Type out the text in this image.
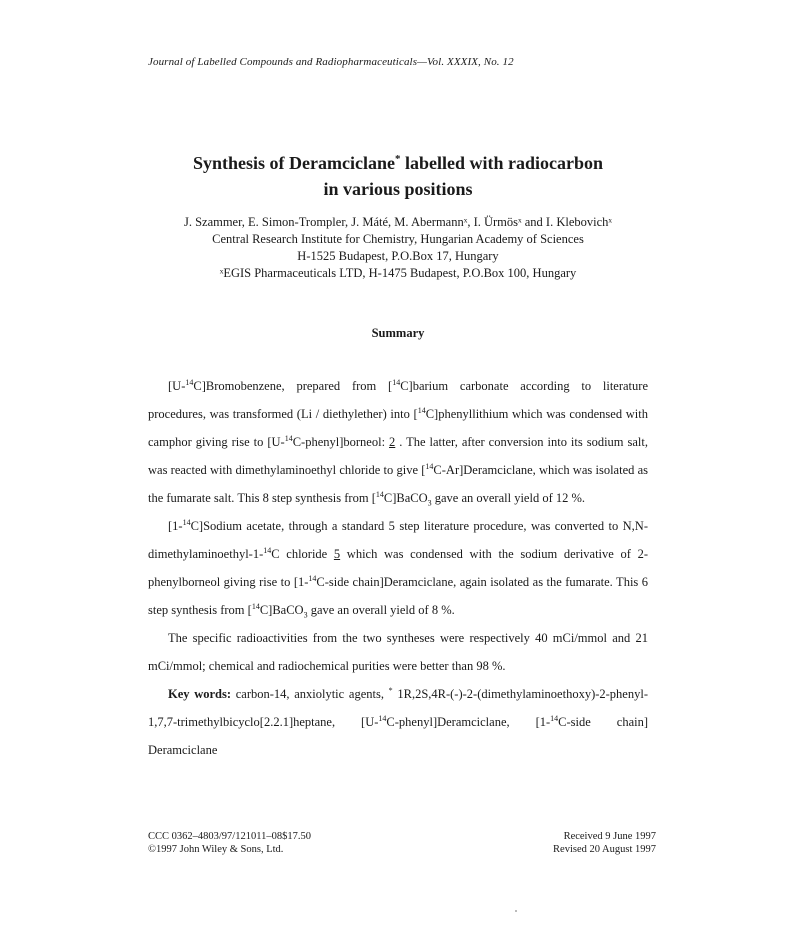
Journal of Labelled Compounds and Radiopharmaceuticals—Vol. XXXIX, No. 12
Synthesis of Deramciclane* labelled with radiocarbon
in various positions
J. Szammer, E. Simon-Trompler, J. Máté, M. Abermannˣ, I. Ürmösˣ and I. Klebovichˣ
Central Research Institute for Chemistry, Hungarian Academy of Sciences
H-1525 Budapest, P.O.Box 17, Hungary
ˣEGIS Pharmaceuticals LTD, H-1475 Budapest, P.O.Box 100, Hungary
Summary

[U-$^{14}$C]Bromobenzene, prepared from [$^{14}$C]barium carbonate according to literature procedures, was transformed (Li / diethylether) into [$^{14}$C]phenyllithium which was condensed with camphor giving rise to [U-$^{14}$C-phenyl]borneol: 2 . The latter, after conversion into its sodium salt, was reacted with dimethylaminoethyl chloride to give [$^{14}$C-Ar]Deramciclane, which was isolated as the fumarate salt. This 8 step synthesis from [$^{14}$C]BaCO$_3$ gave an overall yield of 12 %.

[1-$^{14}$C]Sodium acetate, through a standard 5 step literature procedure, was converted to N,N-dimethylaminoethyl-1-$^{14}$C chloride 5 which was condensed with the sodium derivative of 2-phenylborneol giving rise to [1-$^{14}$C-side chain]Deramciclane, again isolated as the fumarate. This 6 step synthesis from [$^{14}$C]BaCO$_3$ gave an overall yield of 8 %.

The specific radioactivities from the two syntheses were respectively 40 mCi/mmol and 21 mCi/mmol; chemical and radiochemical purities were better than 98 %.

Key words: carbon-14, anxiolytic agents, * 1R,2S,4R-(-)-2-(dimethylaminoethoxy)-2-phenyl-1,7,7-trimethylbicyclo[2.2.1]heptane, [U-$^{14}$C-phenyl]Deramciclane, [1-$^{14}$C-side chain] Deramciclane

CCC 0362–4803/97/121011–08$17.50
©1997 John Wiley & Sons, Ltd.
Received 9 June 1997
Revised 20 August 1997
